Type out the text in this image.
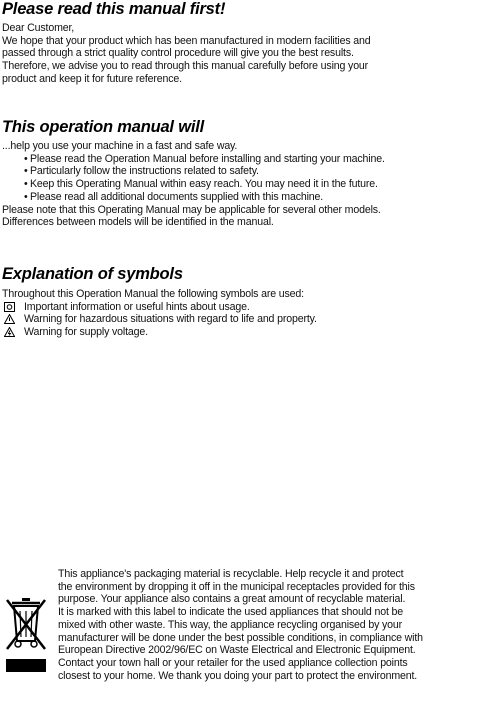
Please read this manual first!
Dear Customer,
We hope that your product which has been manufactured in modern facilities and
passed through a strict quality control procedure will give you the best results.
Therefore, we advise you to read through this manual carefully before using your
product and keep it for future reference.
This operation manual will
...help you use your machine in a fast and safe way.
• Please read the Operation Manual before installing and starting your machine.
• Particularly follow the instructions related to safety.
• Keep this Operating Manual within easy reach. You may need it in the future.
• Please read all additional documents supplied with this machine.
Please note that this Operating Manual may be applicable for several other models.
Differences between models will be identified in the manual.
Explanation of symbols
Throughout this Operation Manual the following symbols are used:
Important information or useful hints about usage.
Warning for hazardous situations with regard to life and property.
Warning for supply voltage.
This appliance's packaging material is recyclable. Help recycle it and protect
the environment by dropping it off in the municipal receptacles provided for this
purpose. Your appliance also contains a great amount of recyclable material.
It is marked with this label to indicate the used appliances that should not be
mixed with other waste. This way, the appliance recycling organised by your
manufacturer will be done under the best possible conditions, in compliance with
European Directive 2002/96/EC on Waste Electrical and Electronic Equipment.
Contact your town hall or your retailer for the used appliance collection points
closest to your home. We thank you doing your part to protect the environment.
